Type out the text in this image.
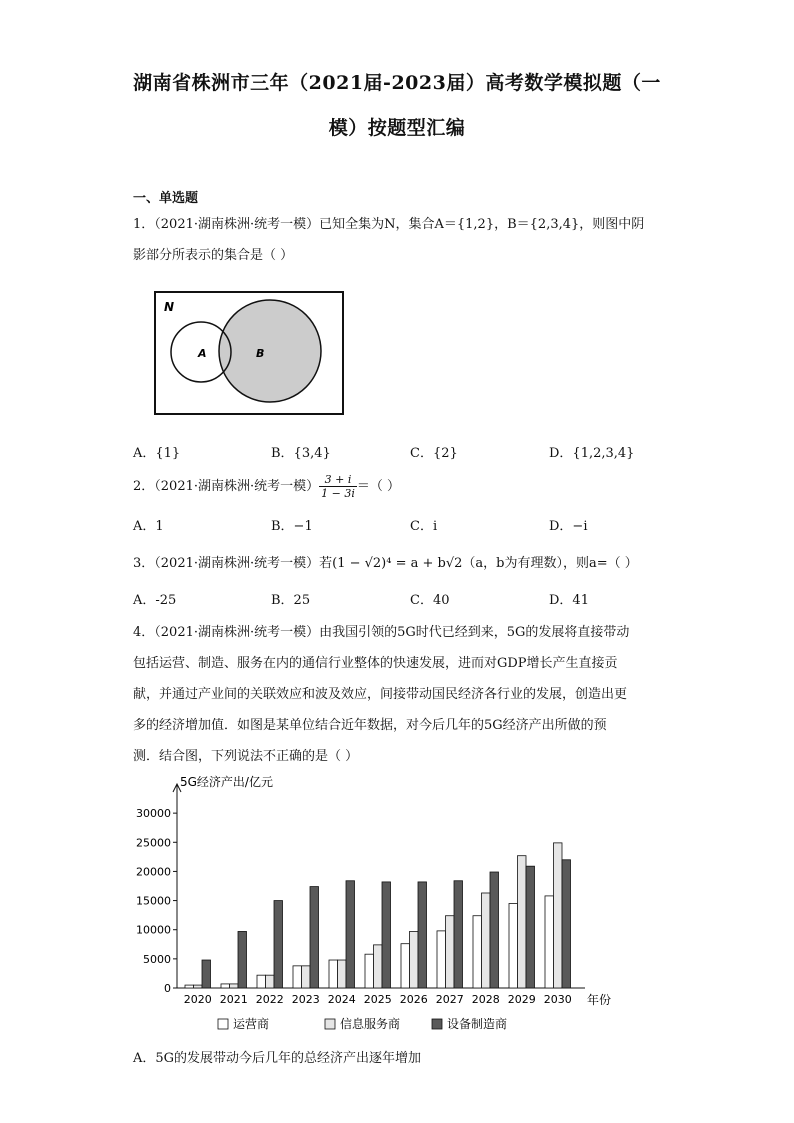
湖南省株洲市三年（2021届-2023届）高考数学模拟题（一
模）按题型汇编
一、单选题
1．（2021·湖南株洲·统考一模）已知全集为N，集合A＝{1,2}，B＝{2,3,4}，则图中阴
影部分所表示的集合是（ ）
N
A	B
A．{1}	B．{3,4}	C．{2}	D．{1,2,3,4}
2．（2021·湖南株洲·统考一模） $\frac{3 + i}{1 - 3i}$ ＝（ ）
A．1	B．−1	C．i	D．−i
3．（2021·湖南株洲·统考一模）若(1 − √2)⁴ = a + b√2（a，b为有理数），则a=（ ）
A．-25	B．25	C．40	D．41
4．（2021·湖南株洲·统考一模）由我国引领的5G时代已经到来，5G的发展将直接带动
包括运营、制造、服务在内的通信行业整体的快速发展，进而对GDP增长产生直接贡
献，并通过产业间的关联效应和波及效应，间接带动国民经济各行业的发展，创造出更
多的经济增加值．如图是某单位结合近年数据，对今后几年的5G经济产出所做的预
测．结合图，下列说法不正确的是（ ）
5G经济产出/亿元
年份
0
5000
10000
15000
20000
25000
30000
2020 2021 2022 2023 2024 2025 2026 2027 2028 2029 2030
运营商	信息服务商	设备制造商
A．5G的发展带动今后几年的总经济产出逐年增加
